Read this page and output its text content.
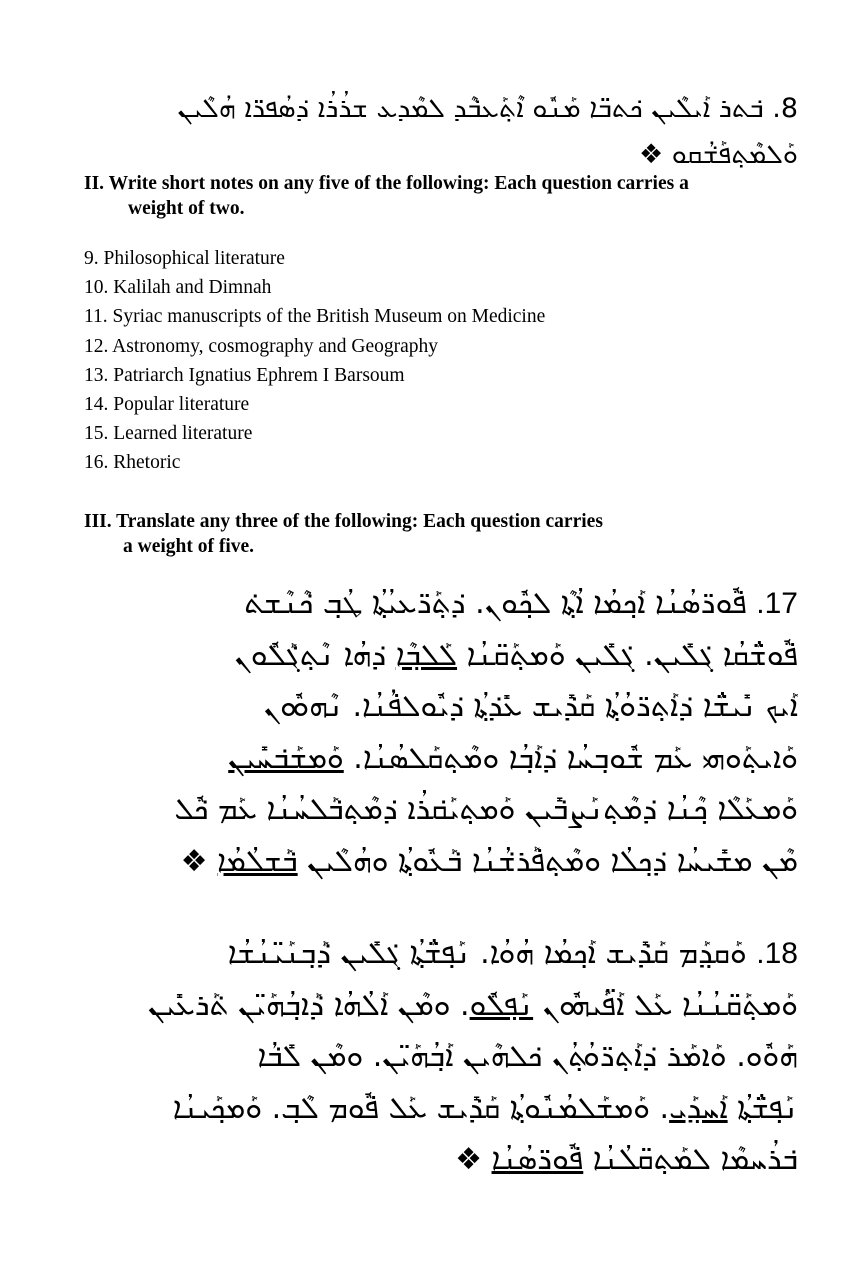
8. ܒ݁ܬܪ ܐܰܝܠܶܝܢ ܟ݁ܬܒ̈ܐ ܡܰܢܽܘ ܐܶܬ݂ܰܥܒ݁ܶܕ ܠܡܶܕܥ ܫܪܳܪܳܐ ܕ݁ܣܳܦܪ̈ܐ ܗܳܠܶܝܢ
ܘܰܠܡܶܬ݂ܦܰܫ݁ܳܩܘ ❖
II. Write short notes on any five of the following: Each question carries a
weight of two.
9. Philosophical literature
10. Kalilah and Dimnah
11. Syriac manuscripts of the British Museum on Medicine
12. Astronomy, cosmography and Geography
13. Patriarch Ignatius Ephrem I Barsoum
14. Popular literature
15. Learned literature
16. Rhetoric
III. Translate any three of the following: Each question carries
a weight of five.
17. ܦ݁ܽܘܪ̈ܣܳܢܳܐ ܐܰܟ݂ܡܳܐ ܐܳܬ݂ܶܐ ܠܟ݂ܽܘܢ. ܕ݁ܬ݂ܰܪ̈ܥܝܳܬ݂ܳܐ ܛܳܒ݂ ܟ݁ܶܢܶܫܬ݁
ܦ݁ܽܘܫ̈ܳܩܳܐ ܓ݁ܠܺܝܢ. ܓ݁ܠܺܝܢ ܘܰܡܬ݂ܰܩ̈ܢܳܐ ܠܰܠܒ݂ܶܐ ܕ݁ܗܳܐ ܢܶܬ݂ܓ݁ܰܠܽܘܢ
ܐܰܝܟ ܢܺܝܫ̈ܳܐ ܕ݁ܐܰܬ݂ܪ̈ܘܳܬ݂ܳܐ ܩܰܕ݁ܺܝܫ ܥܺܕ݁ܬ݂ܳܐ ܕ݁ܝܽܘܠܦ݁ܳܢܳܐ. ܢܶܗܘܽܘܢ
ܘܰܐܝܬ݂ܰܘܗܝ ܥܰܡ ܫܽܘܒ݂ܚܳܐ ܕ݁ܐܰܒ݂ܳܐ ܘܡܶܬ݂ܩܰܠܣܳܢܳܐ. ܘܰܡܫܰܒ݁ܚܺܝܢ
ܘܰܡܥܰܠܶܐ ܟ݂ܶܢܳܐ ܕ݁ܡܶܬ݂ܢܰܨܒ݁ܺܝܢ ܘܰܡܬ݂ܝܰܩ݁ܪܳܐ ܕ݁ܡܶܬ݂ܒ݁ܰܠܚܳܢܳܐ ܥܰܡ ܟ݁ܽܠ
ܡܶܢ ܡܫܺܝܚܳܐ ܕ݁ܟ݂ܠܳܐ ܘܡܶܬ݂ܦ݁ܰܪܫ݁ܳܢܳܐ ܒ݁ܰܥܽܘܬ݂ܳܐ ܘܗܳܠܶܝܢ ܒ݁ܰܫܠܳܡܳܐ ❖
18. ܘܰܩܕ݂ܰܡ ܩܰܕ݁ܺܝܫ ܐܰܟ݂ܡܳܐ ܗܳܘܳܐ. ܢܰܦ݂ܫ̈ܳܬ݂ܳܐ ܓ݁ܠܺܝܢ ܕ݁ܰܒ݂ܢܰܝ̈ܢܳܫܳܐ
ܘܰܡܬ݂ܰܩ̈ܢܳܢܳܐ ܥܰܠ ܐܰܦ̈ܰܝܗܽܘܢ ܢܰܦ݂ܠܽܘ. ܘܡܶܢ ܐܰܠܳܗܳܐ ܕ݁ܰܐܒ݂ܳܗܰܝ̈ܢ ܬ݁ܰܪܥܺܝܢ
ܗܰܘܽܘ. ܘܰܐܡܰܪ ܕ݁ܐܰܬ݂ܪ̈ܘܳܬ݂ܳܢ ܟ݁ܠܗܶܝܢ ܐܰܒ݂ܳܗܰܝ̈ܢ. ܘܡܶܢ ܠܺܒ݁ܳܐ
ܢܰܦ݂ܫ̈ܳܬ݂ܳܐ ܐܰܚܕ݂ܰܝ. ܘܰܡܫܰܠܡܳܢܽܘܬ݂ܳܐ ܩܰܕ݁ܺܝܫ ܥܰܠ ܦ݁ܽܘܡ ܠܶܒ݂. ܘܰܡܟ݂ܰܝܢܳܐ
ܒ݁ܪܳܚܡܶܐ ܠܡܰܬ݂ܩ̈ܠܳܢܳܐ ܦ݁ܽܘܪ̈ܣܳܢܳܐ ❖
